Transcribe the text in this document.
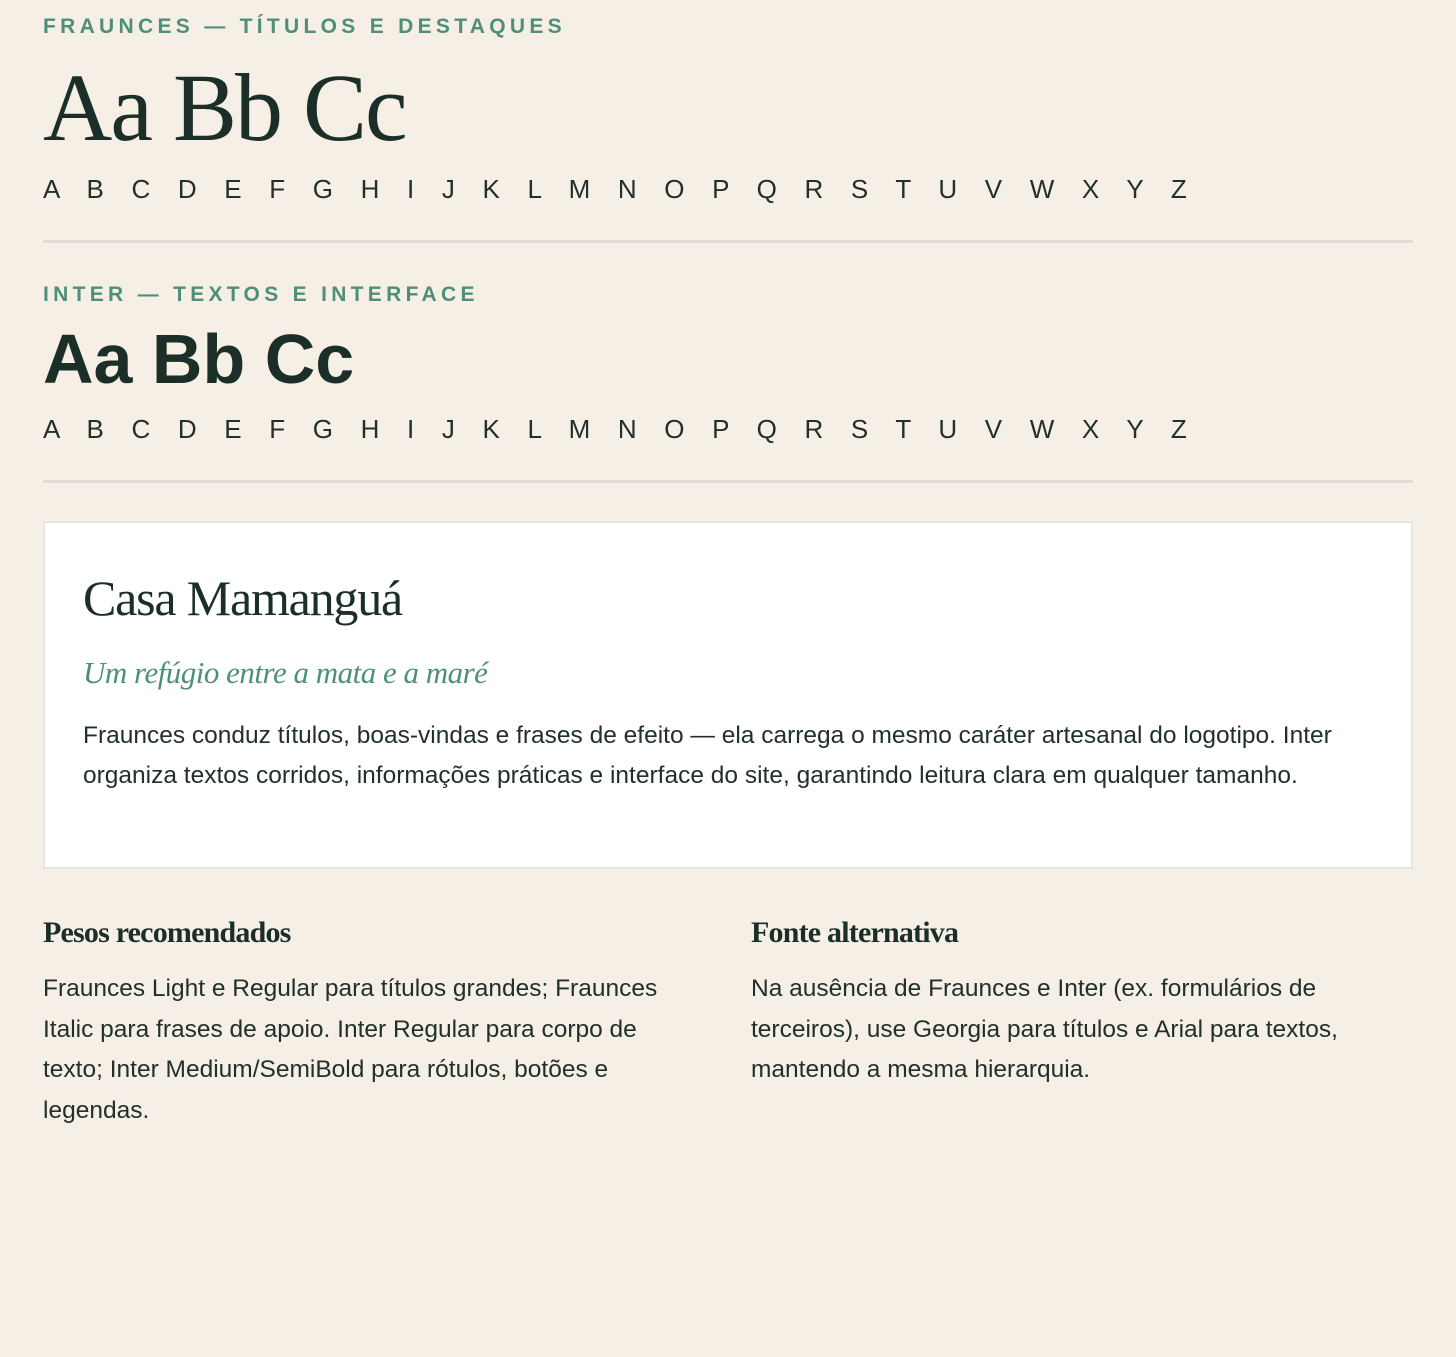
FRAUNCES — TÍTULOS E DESTAQUES
Aa Bb Cc
A B C D E F G H I J K L M N O P Q R S T U V W X Y Z
INTER — TEXTOS E INTERFACE
Aa Bb Cc
A B C D E F G H I J K L M N O P Q R S T U V W X Y Z
Casa Mamanguá
Um refúgio entre a mata e a maré

Fraunces conduz títulos, boas-vindas e frases de efeito — ela carrega o mesmo caráter artesanal do logotipo. Inter organiza textos corridos, informações práticas e interface do site, garantindo leitura clara em qualquer tamanho.

Pesos recomendados

Fraunces Light e Regular para títulos grandes; Fraunces Italic para frases de apoio. Inter Regular para corpo de texto; Inter Medium/SemiBold para rótulos, botões e legendas.

Fonte alternativa

Na ausência de Fraunces e Inter (ex. formulários de terceiros), use Georgia para títulos e Arial para textos, mantendo a mesma hierarquia.
